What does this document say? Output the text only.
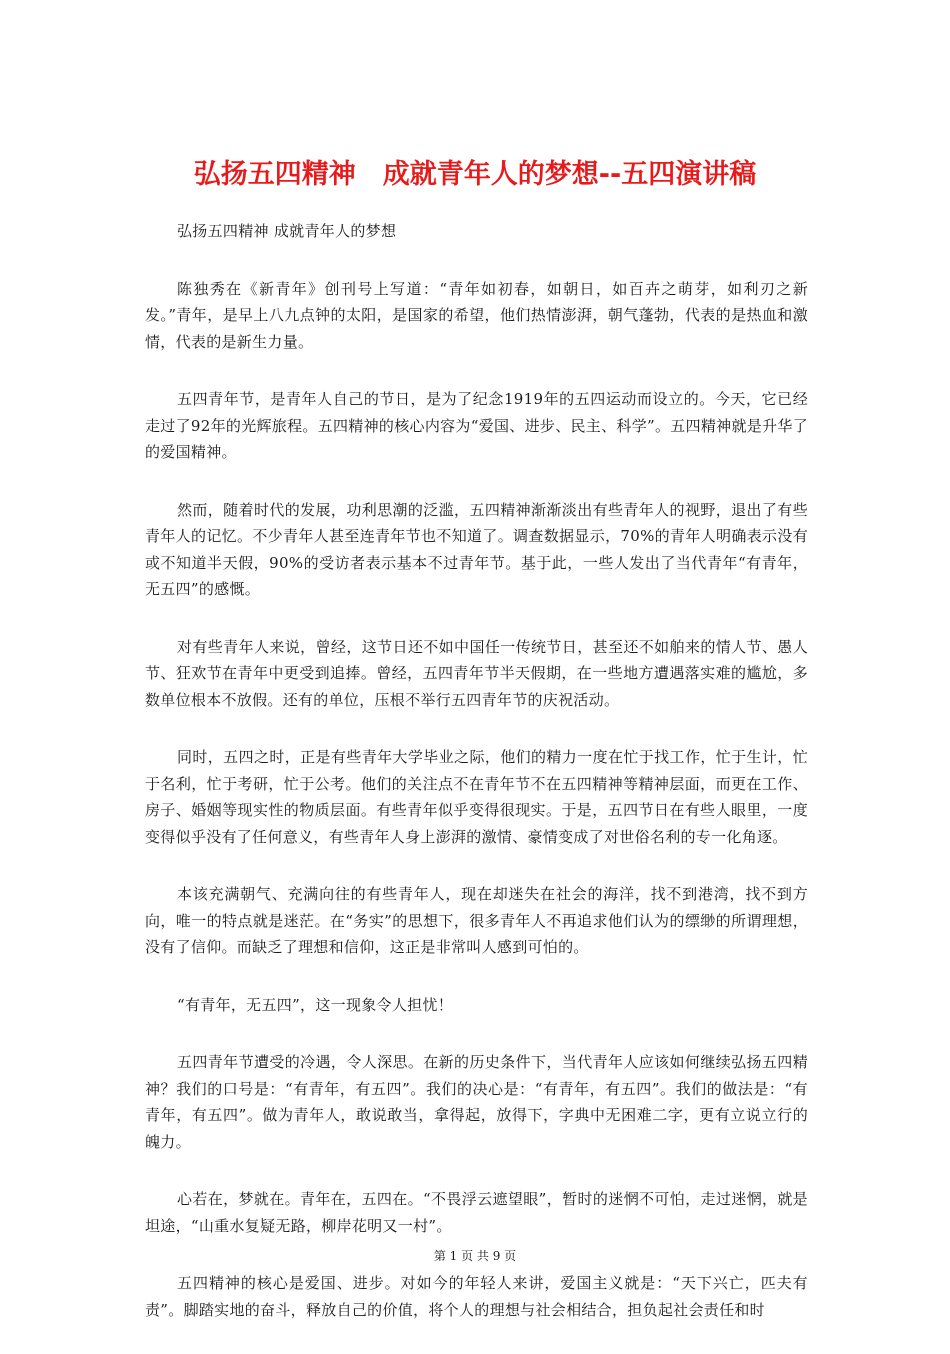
弘扬五四精神　成就青年人的梦想--五四演讲稿

弘扬五四精神 成就青年人的梦想

陈独秀在《新青年》创刊号上写道：“青年如初春，如朝日，如百卉之萌芽，如利刃之新发。”青年，是早上八九点钟的太阳，是国家的希望，他们热情澎湃，朝气蓬勃，代表的是热血和激情，代表的是新生力量。

五四青年节，是青年人自己的节日，是为了纪念1919年的五四运动而设立的。今天，它已经走过了92年的光辉旅程。五四精神的核心内容为“爱国、进步、民主、科学”。五四精神就是升华了的爱国精神。

然而，随着时代的发展，功利思潮的泛滥，五四精神渐渐淡出有些青年人的视野，退出了有些青年人的记忆。不少青年人甚至连青年节也不知道了。调查数据显示，70%的青年人明确表示没有或不知道半天假，90%的受访者表示基本不过青年节。基于此，一些人发出了当代青年“有青年，无五四”的感慨。

对有些青年人来说，曾经，这节日还不如中国任一传统节日，甚至还不如舶来的情人节、愚人节、狂欢节在青年中更受到追捧。曾经，五四青年节半天假期，在一些地方遭遇落实难的尴尬，多数单位根本不放假。还有的单位，压根不举行五四青年节的庆祝活动。

同时，五四之时，正是有些青年大学毕业之际，他们的精力一度在忙于找工作，忙于生计，忙于名利，忙于考研，忙于公考。他们的关注点不在青年节不在五四精神等精神层面，而更在工作、房子、婚姻等现实性的物质层面。有些青年似乎变得很现实。于是，五四节日在有些人眼里，一度变得似乎没有了任何意义，有些青年人身上澎湃的激情、豪情变成了对世俗名利的专一化角逐。

本该充满朝气、充满向往的有些青年人，现在却迷失在社会的海洋，找不到港湾，找不到方向，唯一的特点就是迷茫。在“务实”的思想下，很多青年人不再追求他们认为的缥缈的所谓理想，没有了信仰。而缺乏了理想和信仰，这正是非常叫人感到可怕的。

“有青年，无五四”，这一现象令人担忧！

五四青年节遭受的冷遇，令人深思。在新的历史条件下，当代青年人应该如何继续弘扬五四精神？我们的口号是：“有青年，有五四”。我们的决心是：“有青年，有五四”。我们的做法是：“有青年，有五四”。做为青年人，敢说敢当，拿得起，放得下，字典中无困难二字，更有立说立行的魄力。

心若在，梦就在。青年在，五四在。“不畏浮云遮望眼”，暂时的迷惘不可怕，走过迷惘，就是坦途，“山重水复疑无路，柳岸花明又一村”。

五四精神的核心是爱国、进步。对如今的年轻人来讲，爱国主义就是：“天下兴亡，匹夫有责”。脚踏实地的奋斗，释放自己的价值，将个人的理想与社会相结合，担负起社会责任和时

第 1 页 共 9 页
